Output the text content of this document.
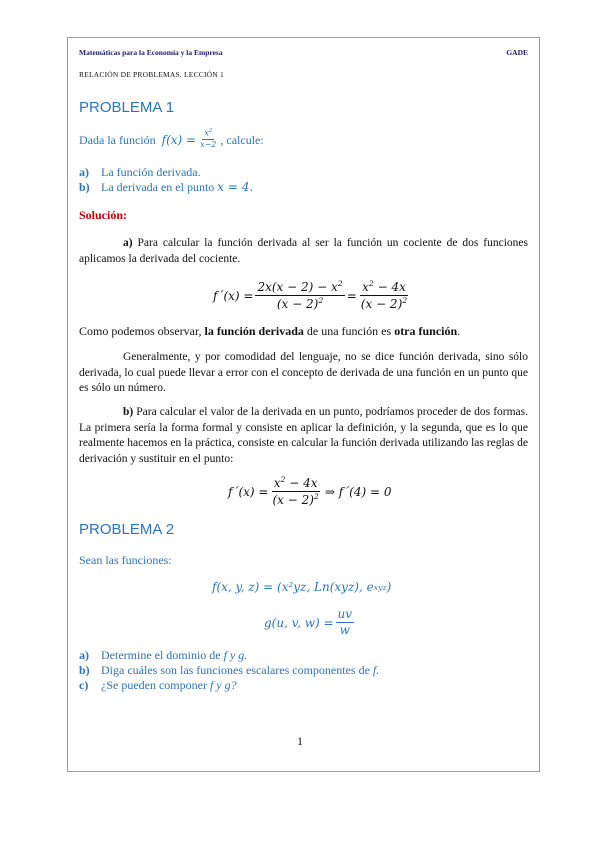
Matemáticas para la Economía y la Empresa	GADE
RELACIÓN DE PROBLEMAS. LECCIÓN 1
PROBLEMA 1
Dada la función $f(x) = \frac{x^2}{x-2}$ , calcule:
a) La función derivada.
b) La derivada en el punto x = 4.
Solución:
a) Para calcular la función derivada al ser la función un cociente de dos funciones aplicamos la derivada del cociente.
f´(x) = $\frac{2x(x - 2) - x^2}{(x - 2)^2} = \frac{x^2 - 4x}{(x - 2)^2}$
Como podemos observar, la función derivada de una función es otra función.
Generalmente, y por comodidad del lenguaje, no se dice función derivada, sino sólo derivada, lo cual puede llevar a error con el concepto de derivada de una función en un punto que es sólo un número.
b) Para calcular el valor de la derivada en un punto, podríamos proceder de dos formas. La primera sería la forma formal y consiste en aplicar la definición, y la segunda, que es lo que realmente hacemos en la práctica, consiste en calcular la función derivada utilizando las reglas de derivación y sustituir en el punto:
f´(x) = $\frac{x^2 - 4x}{(x - 2)^2}$ ⇒ f´(4) = 0
PROBLEMA 2
Sean las funciones:
f(x, y, z) = (x²yz, Ln(xyz), e xyz )
g(u, v, $w) = \frac{uv}{w}$
a) Determine el dominio de f y g.
b) Diga cuáles son las funciones escalares componentes de f.
c) ¿Se pueden componer f y g?
1
